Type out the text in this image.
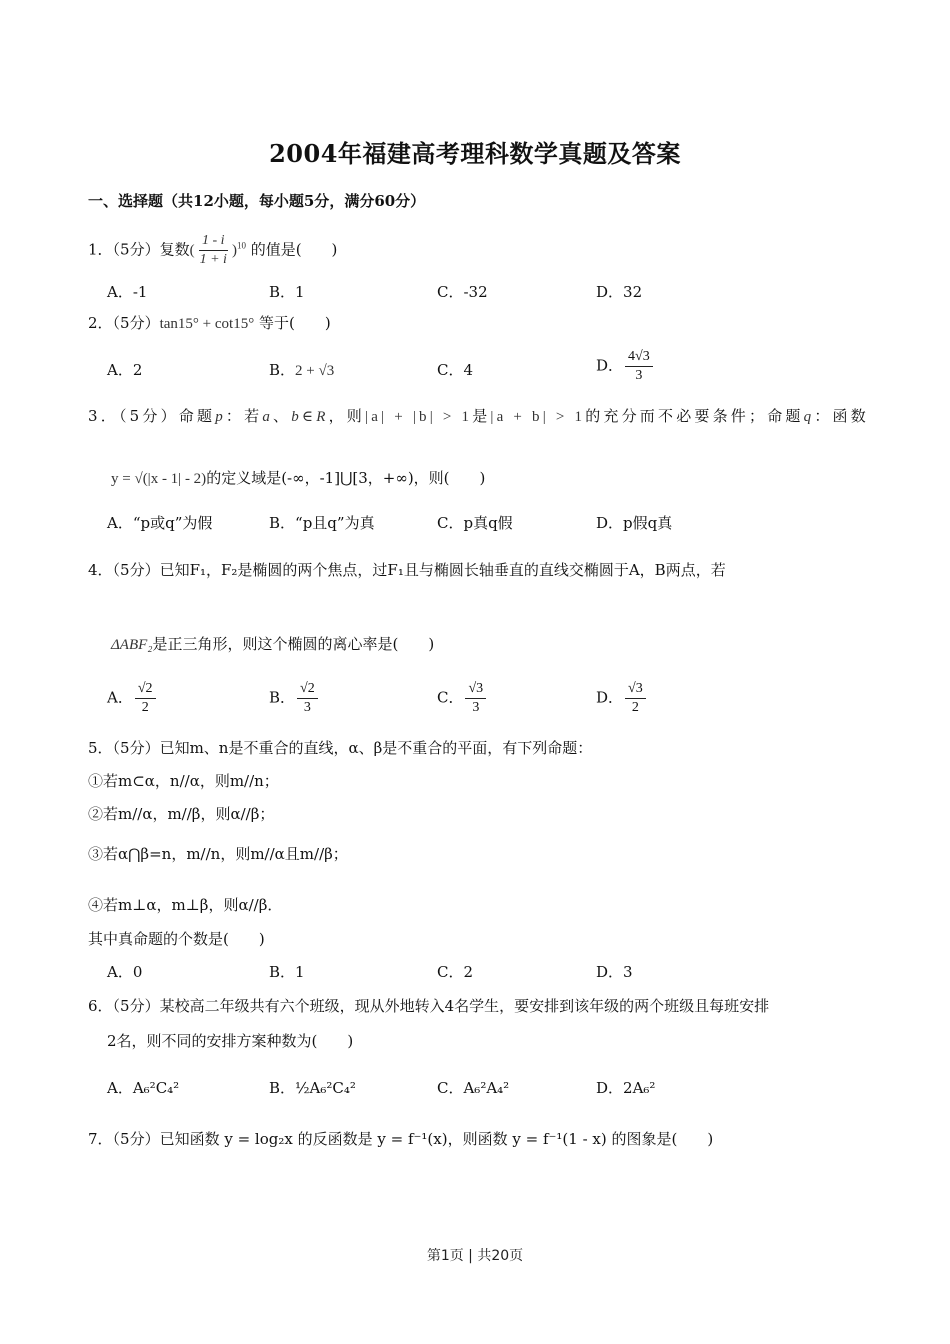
2004年福建高考理科数学真题及答案
一、选择题（共12小题，每小题5分，满分60分）
1．（5分）复数( $\frac{1 - i}{1 + i} )^{10}$ 的值是(　　)
A．-1	B．1	C．-32	D．32
2．（5分）tan15° + cot15° 等于(　　)
A．2	B．2 + √3	C．4	D． $\frac{4√3}{3}$
3．（5分）命题p：若a、b∈R，则|a| + |b| > 1是|a + b| > 1的充分而不必要条件；命题q：函数
y = √(|x - 1| - 2)的定义域是(-∞，-1]⋃[3，+∞)，则(　　)
A．“p或q”为假	B．“p且q”为真	C．p真q假	D．p假q真
4．（5分）已知F₁，F₂是椭圆的两个焦点，过F₁且与椭圆长轴垂直的直线交椭圆于A，B两点，若
ΔABF₂是正三角形，则这个椭圆的离心率是(　　)
A． $\frac{√2}{2}$	B． $\frac{√2}{3}$	C． $\frac{√3}{3}$	D． $\frac{√3}{2}$
5．（5分）已知m、n是不重合的直线，α、β是不重合的平面，有下列命题：
①若m⊂α，n//α，则m//n；
②若m//α，m//β，则α//β；
③若α⋂β=n，m//n，则m//α且m//β；
④若m⊥α，m⊥β，则α//β．
其中真命题的个数是(　　)
A．0	B．1	C．2	D．3
6．（5分）某校高二年级共有六个班级，现从外地转入4名学生，要安排到该年级的两个班级且每班安排
2名，则不同的安排方案种数为(　　)
A．A₆²C₄²	B．½A₆²C₄²	C．A₆²A₄²	D．2A₆²
7．（5分）已知函数 y = log₂x 的反函数是 y = f⁻¹(x)，则函数 y = f⁻¹(1 - x) 的图象是(　　)
第1页 | 共20页
